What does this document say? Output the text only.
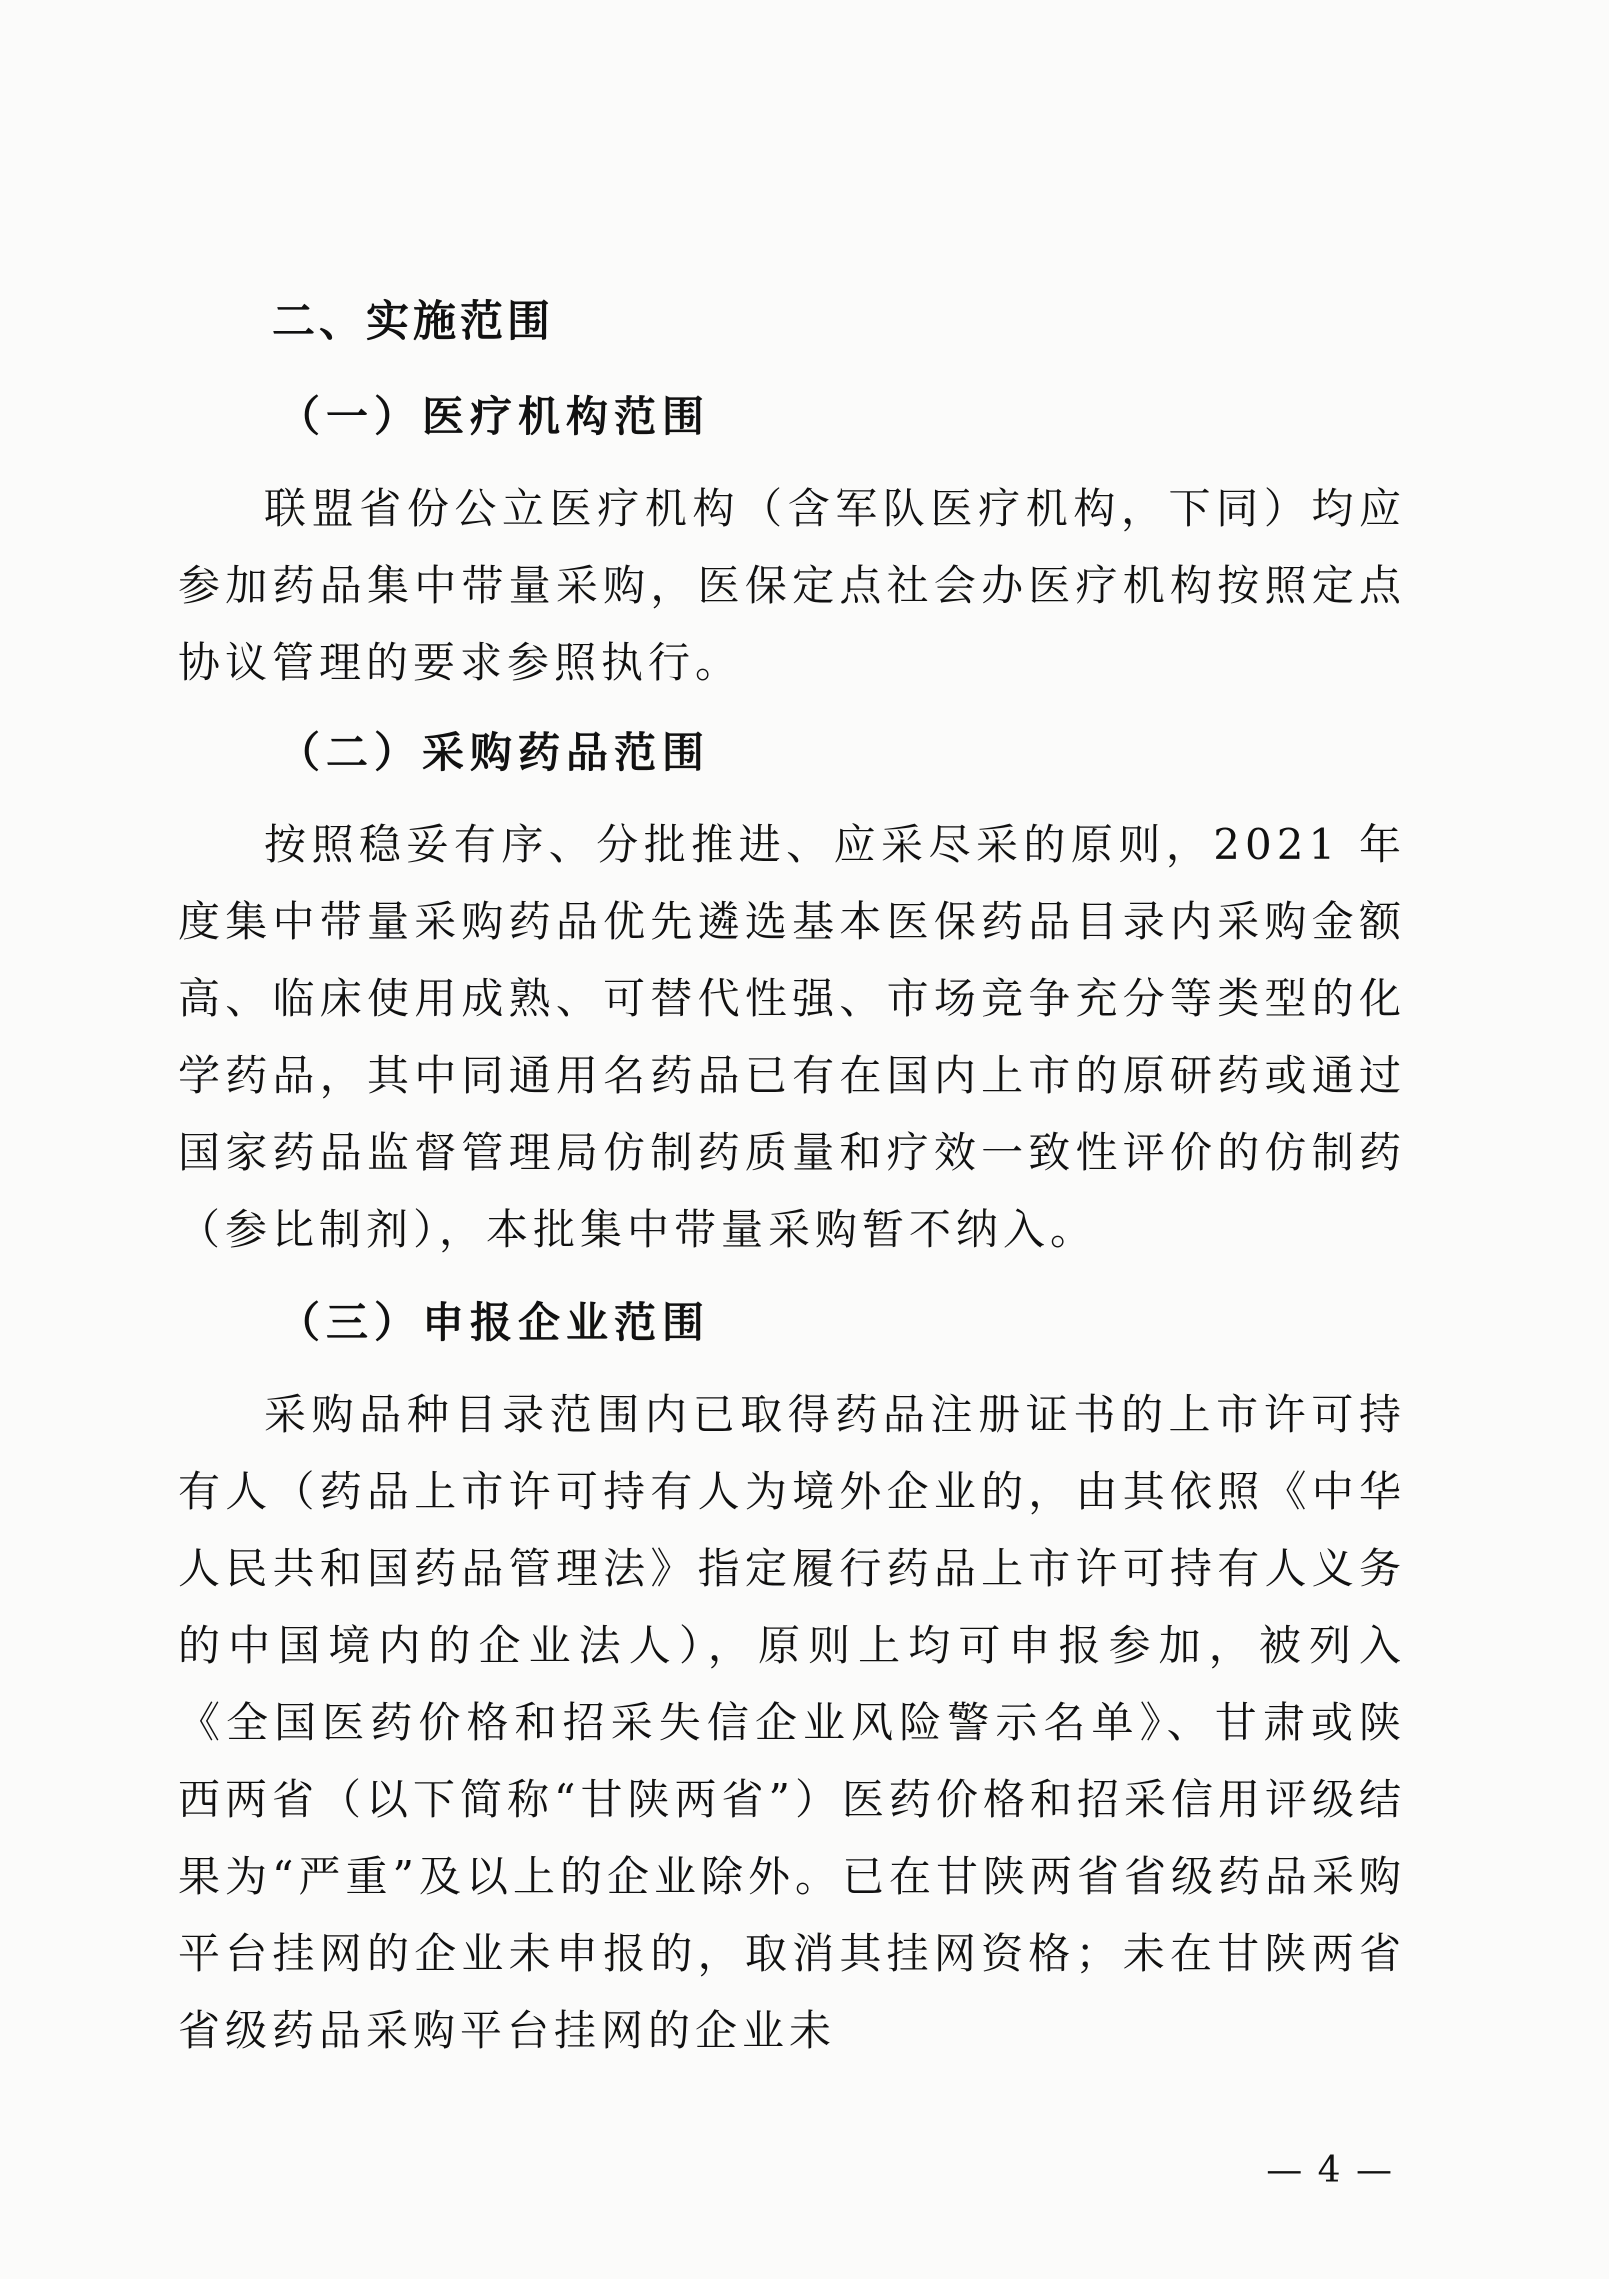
二、实施范围
（一）医疗机构范围

联盟省份公立医疗机构（含军队医疗机构，下同）均应参加药品集中带量采购，医保定点社会办医疗机构按照定点协议管理的要求参照执行。

（二）采购药品范围

按照稳妥有序、分批推进、应采尽采的原则，2021 年度集中带量采购药品优先遴选基本医保药品目录内采购金额高、临床使用成熟、可替代性强、市场竞争充分等类型的化学药品，其中同通用名药品已有在国内上市的原研药或通过国家药品监督管理局仿制药质量和疗效一致性评价的仿制药（参比制剂），本批集中带量采购暂不纳入。

（三）申报企业范围

采购品种目录范围内已取得药品注册证书的上市许可持有人（药品上市许可持有人为境外企业的，由其依照《中华人民共和国药品管理法》指定履行药品上市许可持有人义务的中国境内的企业法人），原则上均可申报参加，被列入《全国医药价格和招采失信企业风险警示名单》、甘肃或陕西两省（以下简称“甘陕两省”）医药价格和招采信用评级结果为“严重”及以上的企业除外。已在甘陕两省省级药品采购平台挂网的企业未申报的，取消其挂网资格；未在甘陕两省省级药品采购平台挂网的企业未

— 4 —
